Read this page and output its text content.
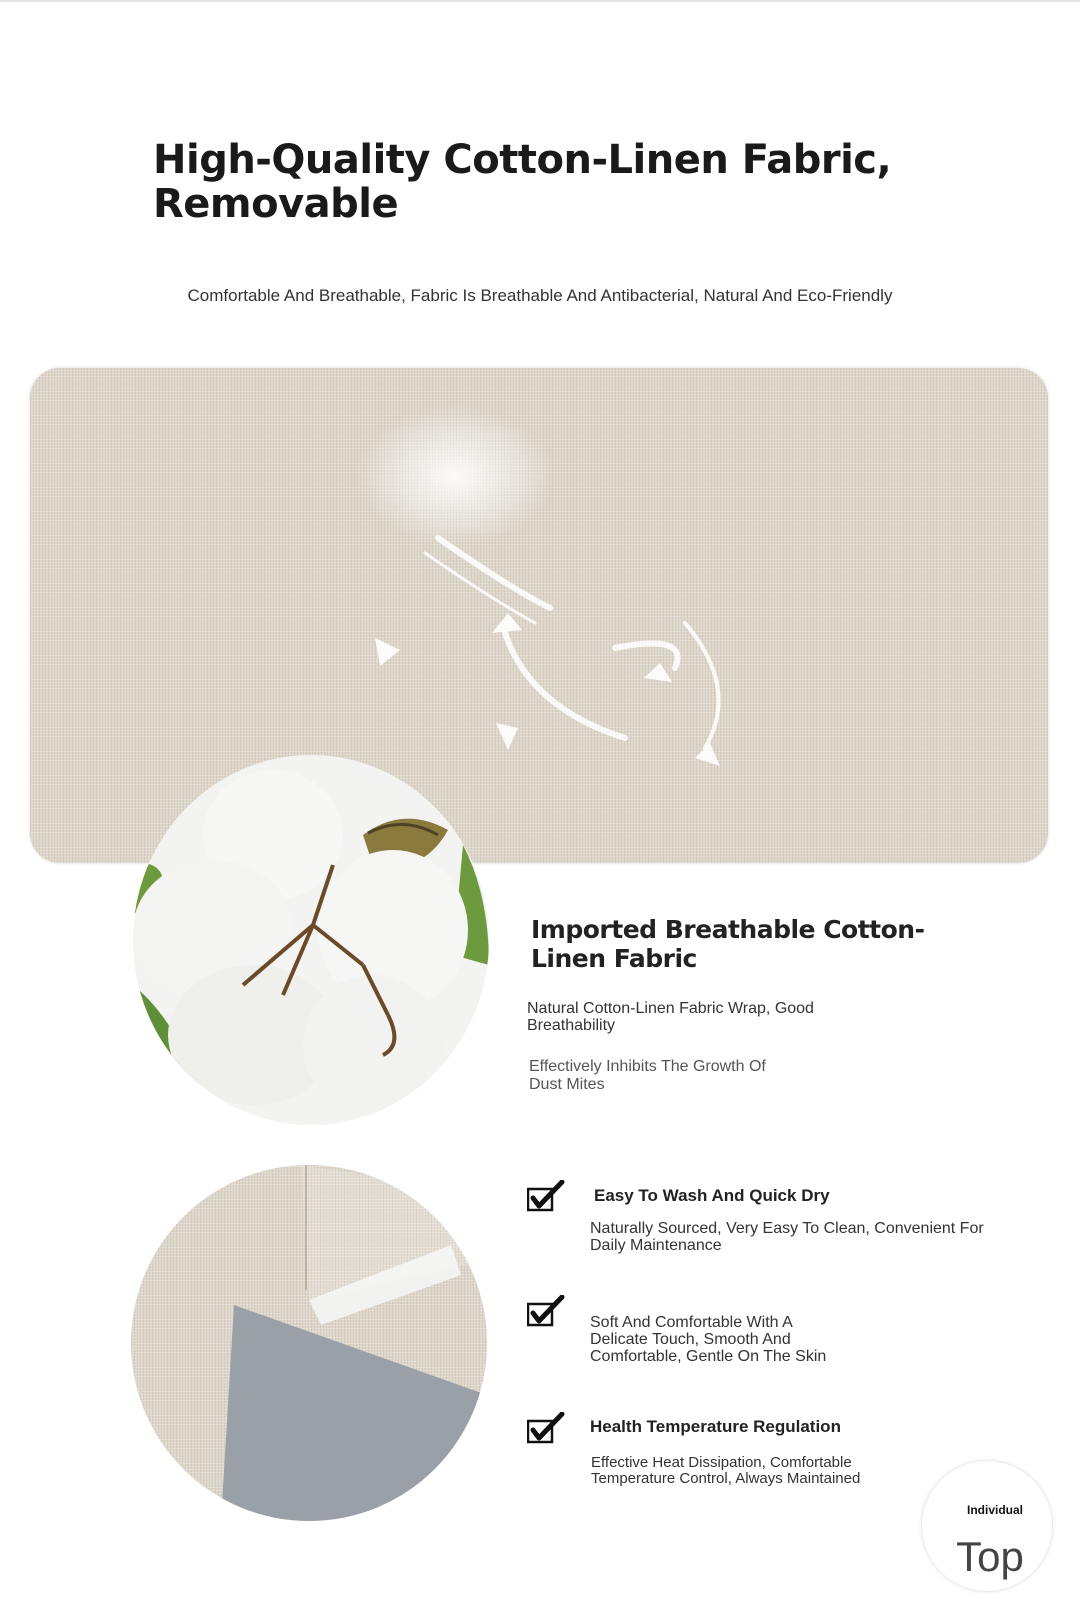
High-Quality Cotton-Linen Fabric, Removable
Comfortable And Breathable, Fabric Is Breathable And Antibacterial, Natural And Eco-Friendly
Imported Breathable Cotton-Linen Fabric
Natural Cotton-Linen Fabric Wrap, Good Breathability
Effectively Inhibits The Growth Of Dust Mites
Easy To Wash And Quick Dry
Naturally Sourced, Very Easy To Clean, Convenient For Daily Maintenance
Soft And Comfortable With A Delicate Touch, Smooth And Comfortable, Gentle On The Skin
Health Temperature Regulation
Effective Heat Dissipation, Comfortable Temperature Control, Always Maintained
Individual
Top
